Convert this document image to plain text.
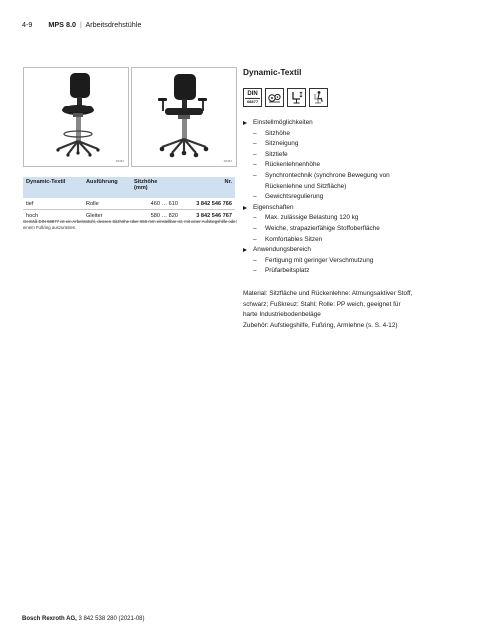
4-9 MPS 8.0 | Arbeitsdrehstühle
38483	38484
Dynamic-Textil	Ausführung	Sitzhöhe
(mm)	Nr.
tief	Rolle	460 … 610	3 842 546 766
hoch	Gleiter	580 … 820	3 842 546 767
Gemäß DIN 68877 ist ein Arbeitsstuhl, dessen Sitzhöhe über 650 mm einstellbar ist, mit einer Aufstiegshilfe oder einem Fußring auszurüsten.
Dynamic-Textil
DIN
68877
Einstellmöglichkeiten
– Sitzhöhe
– Sitzneigung
– Sitztiefe
– Rückenlehnenhöhe
– Synchrontechnik (synchrone Bewegung von
Rückenlehne und Sitzfläche)
– Gewichtsregulierung
Eigenschaften
– Max. zulässige Belastung 120 kg
– Weiche, strapazierfähige Stoffoberfläche
– Komfortables Sitzen
Anwendungsbereich
– Fertigung mit geringer Verschmutzung
– Prüfarbeitsplatz

Material: Sitzfläche und Rückenlehne: Atmungsaktiver Stoff,

schwarz; Fußkreuz: Stahl; Rolle: PP weich, geeignet für

harte Industriebodenbeläge

Zubehör: Aufstiegshilfe, Fußring, Armlehne (s. S. 4-12)

Bosch Rexroth AG, 3 842 538 280 (2021-08)
